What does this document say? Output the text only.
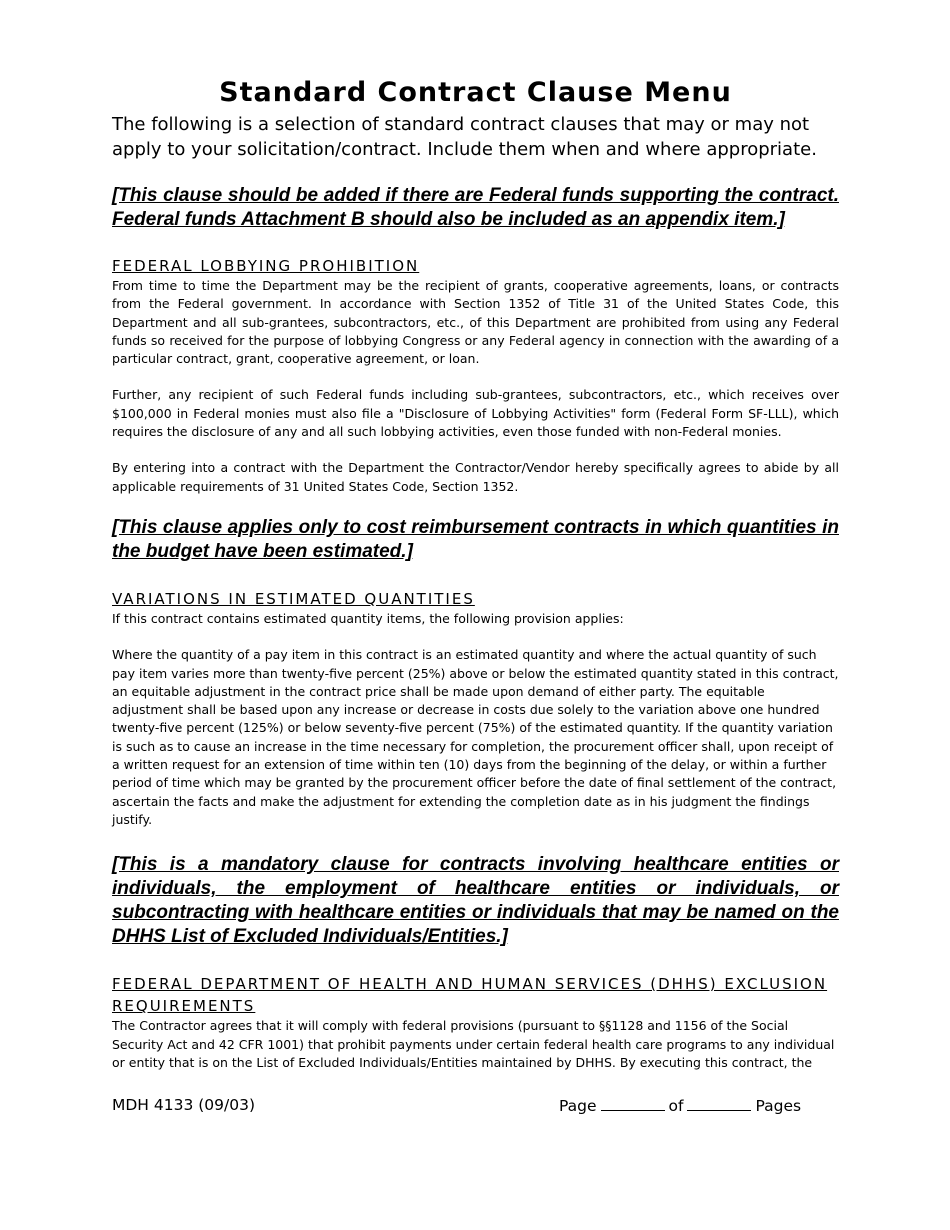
Standard Contract Clause Menu

The following is a selection of standard contract clauses that may or may not apply to your solicitation/contract. Include them when and where appropriate.

[This clause should be added if there are Federal funds supporting the contract. Federal funds Attachment B should also be included as an appendix item.]

FEDERAL LOBBYING PROHIBITION

From time to time the Department may be the recipient of grants, cooperative agreements, loans, or contracts from the Federal government. In accordance with Section 1352 of Title 31 of the United States Code, this Department and all sub-grantees, subcontractors, etc., of this Department are prohibited from using any Federal funds so received for the purpose of lobbying Congress or any Federal agency in connection with the awarding of a particular contract, grant, cooperative agreement, or loan.

Further, any recipient of such Federal funds including sub-grantees, subcontractors, etc., which receives over $100,000 in Federal monies must also file a "Disclosure of Lobbying Activities" form (Federal Form SF-LLL), which requires the disclosure of any and all such lobbying activities, even those funded with non-Federal monies.

By entering into a contract with the Department the Contractor/Vendor hereby specifically agrees to abide by all applicable requirements of 31 United States Code, Section 1352.

[This clause applies only to cost reimbursement contracts in which quantities in the budget have been estimated.]

VARIATIONS IN ESTIMATED QUANTITIES

If this contract contains estimated quantity items, the following provision applies:

Where the quantity of a pay item in this contract is an estimated quantity and where the actual quantity of such pay item varies more than twenty-five percent (25%) above or below the estimated quantity stated in this contract, an equitable adjustment in the contract price shall be made upon demand of either party. The equitable adjustment shall be based upon any increase or decrease in costs due solely to the variation above one hundred twenty-five percent (125%) or below seventy-five percent (75%) of the estimated quantity. If the quantity variation is such as to cause an increase in the time necessary for completion, the procurement officer shall, upon receipt of a written request for an extension of time within ten (10) days from the beginning of the delay, or within a further period of time which may be granted by the procurement officer before the date of final settlement of the contract, ascertain the facts and make the adjustment for extending the completion date as in his judgment the findings justify.

[This is a mandatory clause for contracts involving healthcare entities or individuals, the employment of healthcare entities or individuals, or subcontracting with healthcare entities or individuals that may be named on the DHHS List of Excluded Individuals/Entities.]

FEDERAL DEPARTMENT OF HEALTH AND HUMAN SERVICES (DHHS) EXCLUSION REQUIREMENTS

The Contractor agrees that it will comply with federal provisions (pursuant to §§1128 and 1156 of the Social Security Act and 42 CFR 1001) that prohibit payments under certain federal health care programs to any individual or entity that is on the List of Excluded Individuals/Entities maintained by DHHS. By executing this contract, the

MDH 4133 (09/03)	Page	of	Pages
